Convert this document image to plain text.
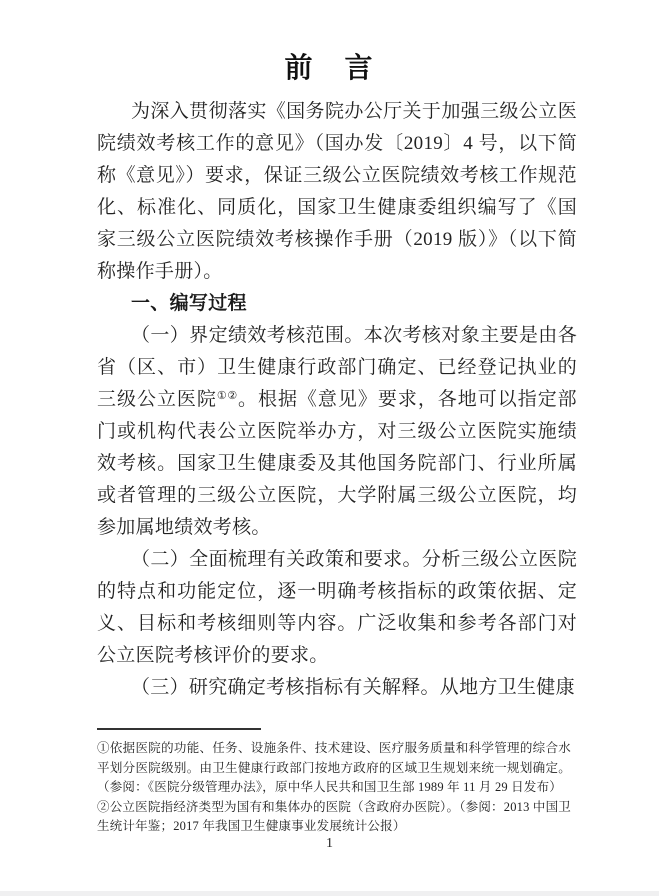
前　言

为深入贯彻落实《国务院办公厅关于加强三级公立医院绩效考核工作的意见》（国办发〔2019〕4 号，以下简称《意见》）要求，保证三级公立医院绩效考核工作规范化、标准化、同质化，国家卫生健康委组织编写了《国家三级公立医院绩效考核操作手册（2019 版）》（以下简称操作手册）。

一、编写过程

（一）界定绩效考核范围。本次考核对象主要是由各省（区、市）卫生健康行政部门确定、已经登记执业的三级公立医院①②。根据《意见》要求，各地可以指定部门或机构代表公立医院举办方，对三级公立医院实施绩效考核。国家卫生健康委及其他国务院部门、行业所属或者管理的三级公立医院，大学附属三级公立医院，均参加属地绩效考核。

（二）全面梳理有关政策和要求。分析三级公立医院的特点和功能定位，逐一明确考核指标的政策依据、定义、目标和考核细则等内容。广泛收集和参考各部门对公立医院考核评价的要求。

（三）研究确定考核指标有关解释。从地方卫生健康

①依据医院的功能、任务、设施条件、技术建设、医疗服务质量和科学管理的综合水平划分医院级别。由卫生健康行政部门按地方政府的区域卫生规划来统一规划确定。（参阅：《医院分级管理办法》，原中华人民共和国卫生部 1989 年 11 月 29 日发布）

②公立医院指经济类型为国有和集体办的医院（含政府办医院）。（参阅：2013 中国卫生统计年鉴；2017 年我国卫生健康事业发展统计公报）

1
